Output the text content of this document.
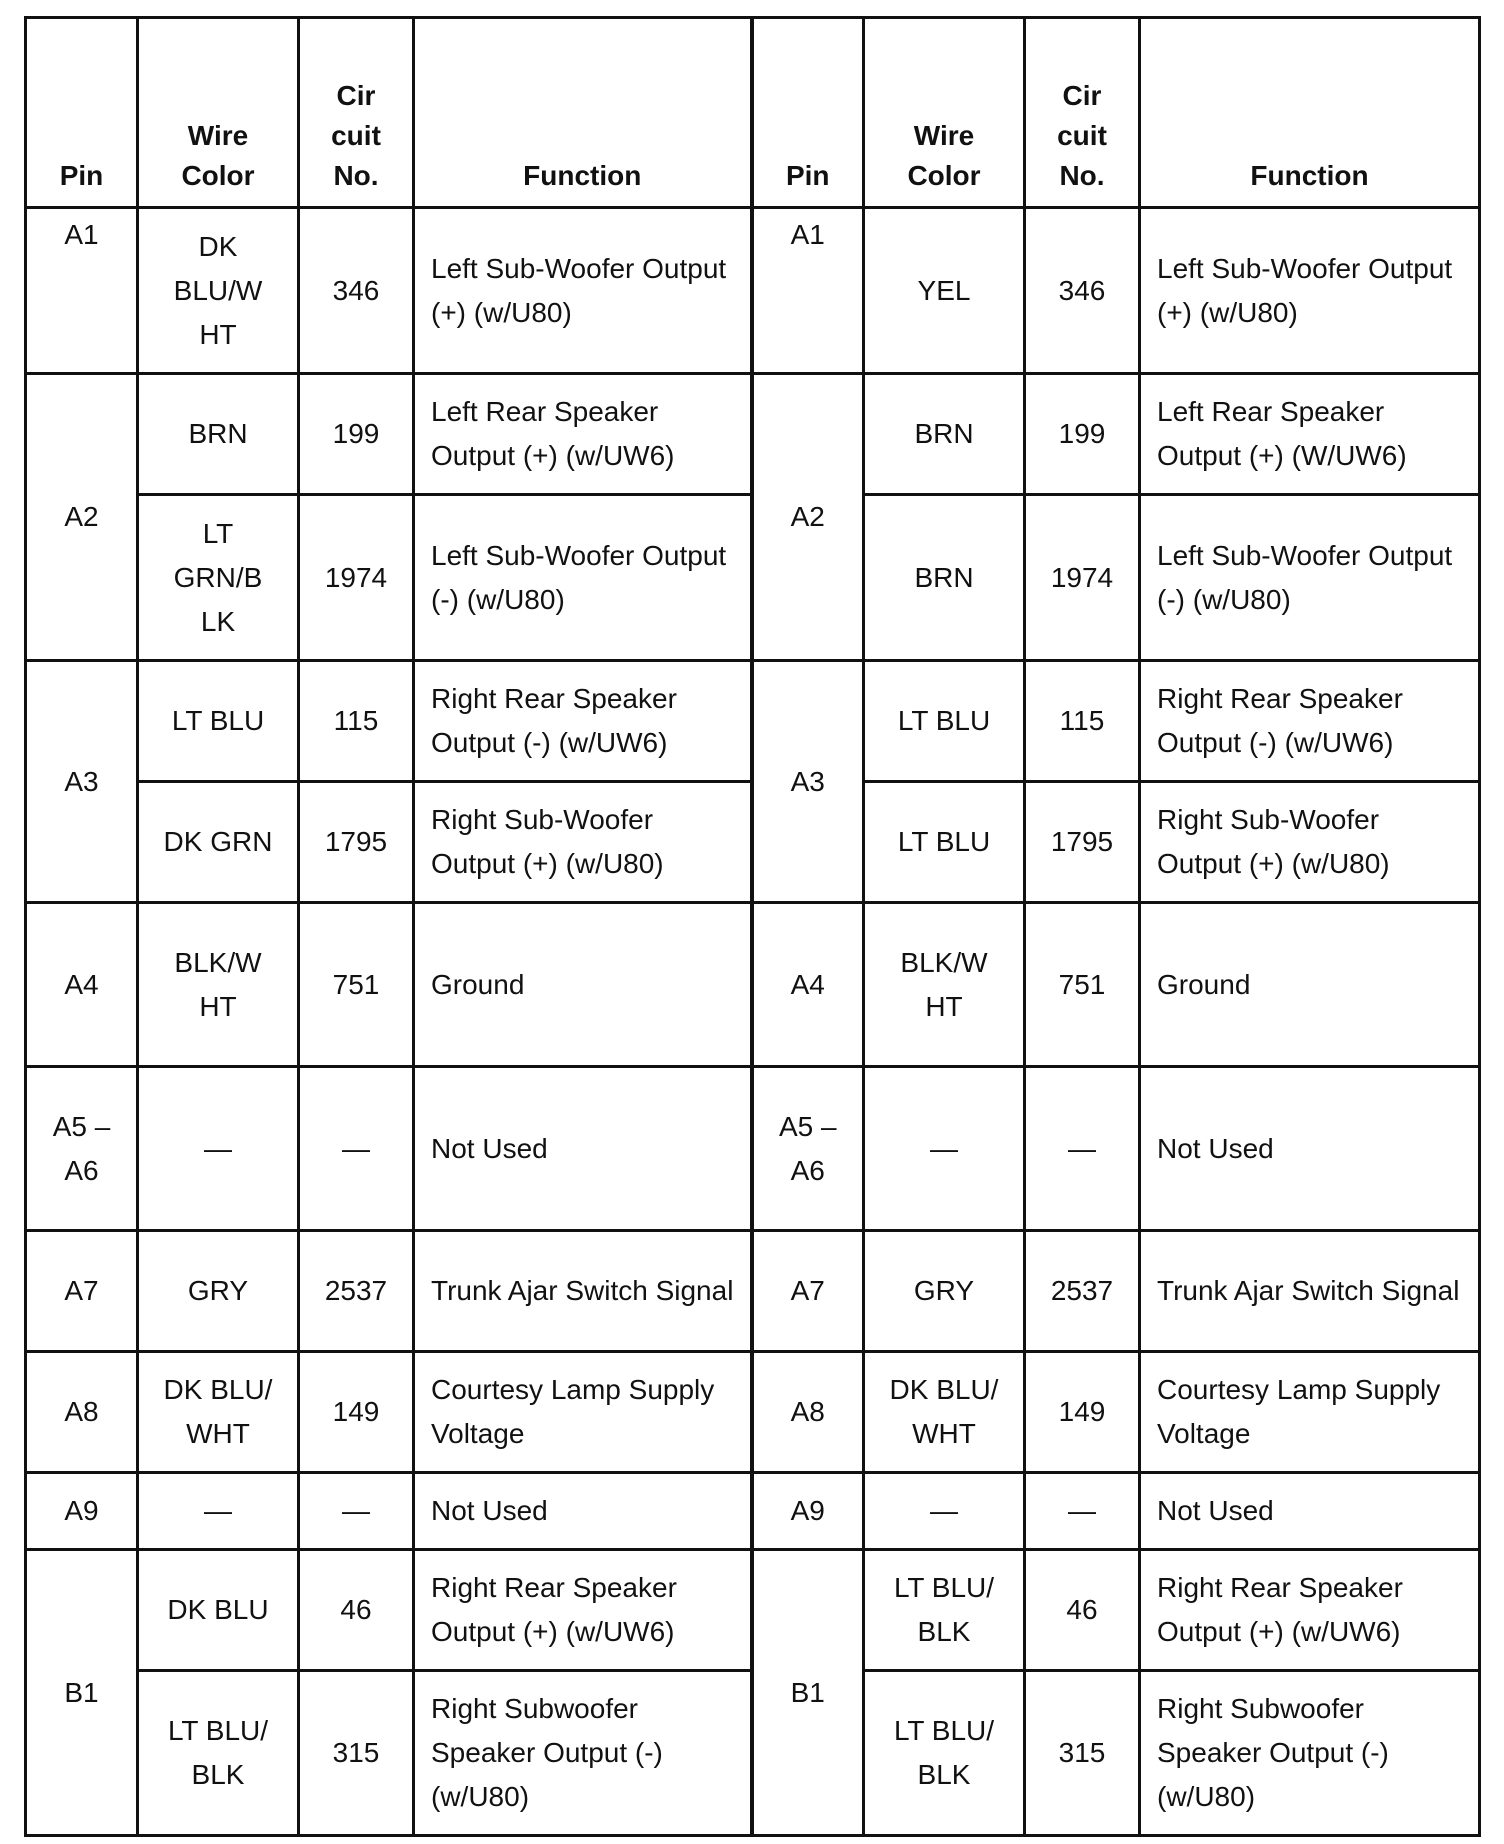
Pin	Wire Color	Cir cuit No.	Function	Pin	Wire Color	Cir cuit No.	Function
A1	DK BLU/W HT	346	Left Sub-Woofer Output (+) (w/U80)	A1	YEL	346	Left Sub-Woofer Output (+) (w/U80)
A2	BRN	199	Left Rear Speaker Output (+) (w/UW6)	A2	BRN	199	Left Rear Speaker Output (+) (W/UW6)
	LT GRN/B LK	1974	Left Sub-Woofer Output (-) (w/U80)		BRN	1974	Left Sub-Woofer Output (-) (w/U80)
A3	LT BLU	115	Right Rear Speaker Output (-) (w/UW6)	A3	LT BLU	115	Right Rear Speaker Output (-) (w/UW6)
	DK GRN	1795	Right Sub-Woofer Output (+) (w/U80)		LT BLU	1795	Right Sub-Woofer Output (+) (w/U80)
A4	BLK/W HT	751	Ground	A4	BLK/W HT	751	Ground
A5 –A6	—	—	Not Used	A5 –A6	—	—	Not Used
A7	GRY	2537	Trunk Ajar Switch Signal	A7	GRY	2537	Trunk Ajar Switch Signal
A8	DK BLU/ WHT	149	Courtesy Lamp Supply Voltage	A8	DK BLU/ WHT	149	Courtesy Lamp Supply Voltage
A9	—	—	Not Used	A9	—	—	Not Used
B1	DK BLU	46	Right Rear Speaker Output (+) (w/UW6)	B1	LT BLU/ BLK	46	Right Rear Speaker Output (+) (w/UW6)
	LT BLU/ BLK	315	Right Subwoofer Speaker Output (-) (w/U80)		LT BLU/ BLK	315	Right Subwoofer Speaker Output (-) (w/U80)
